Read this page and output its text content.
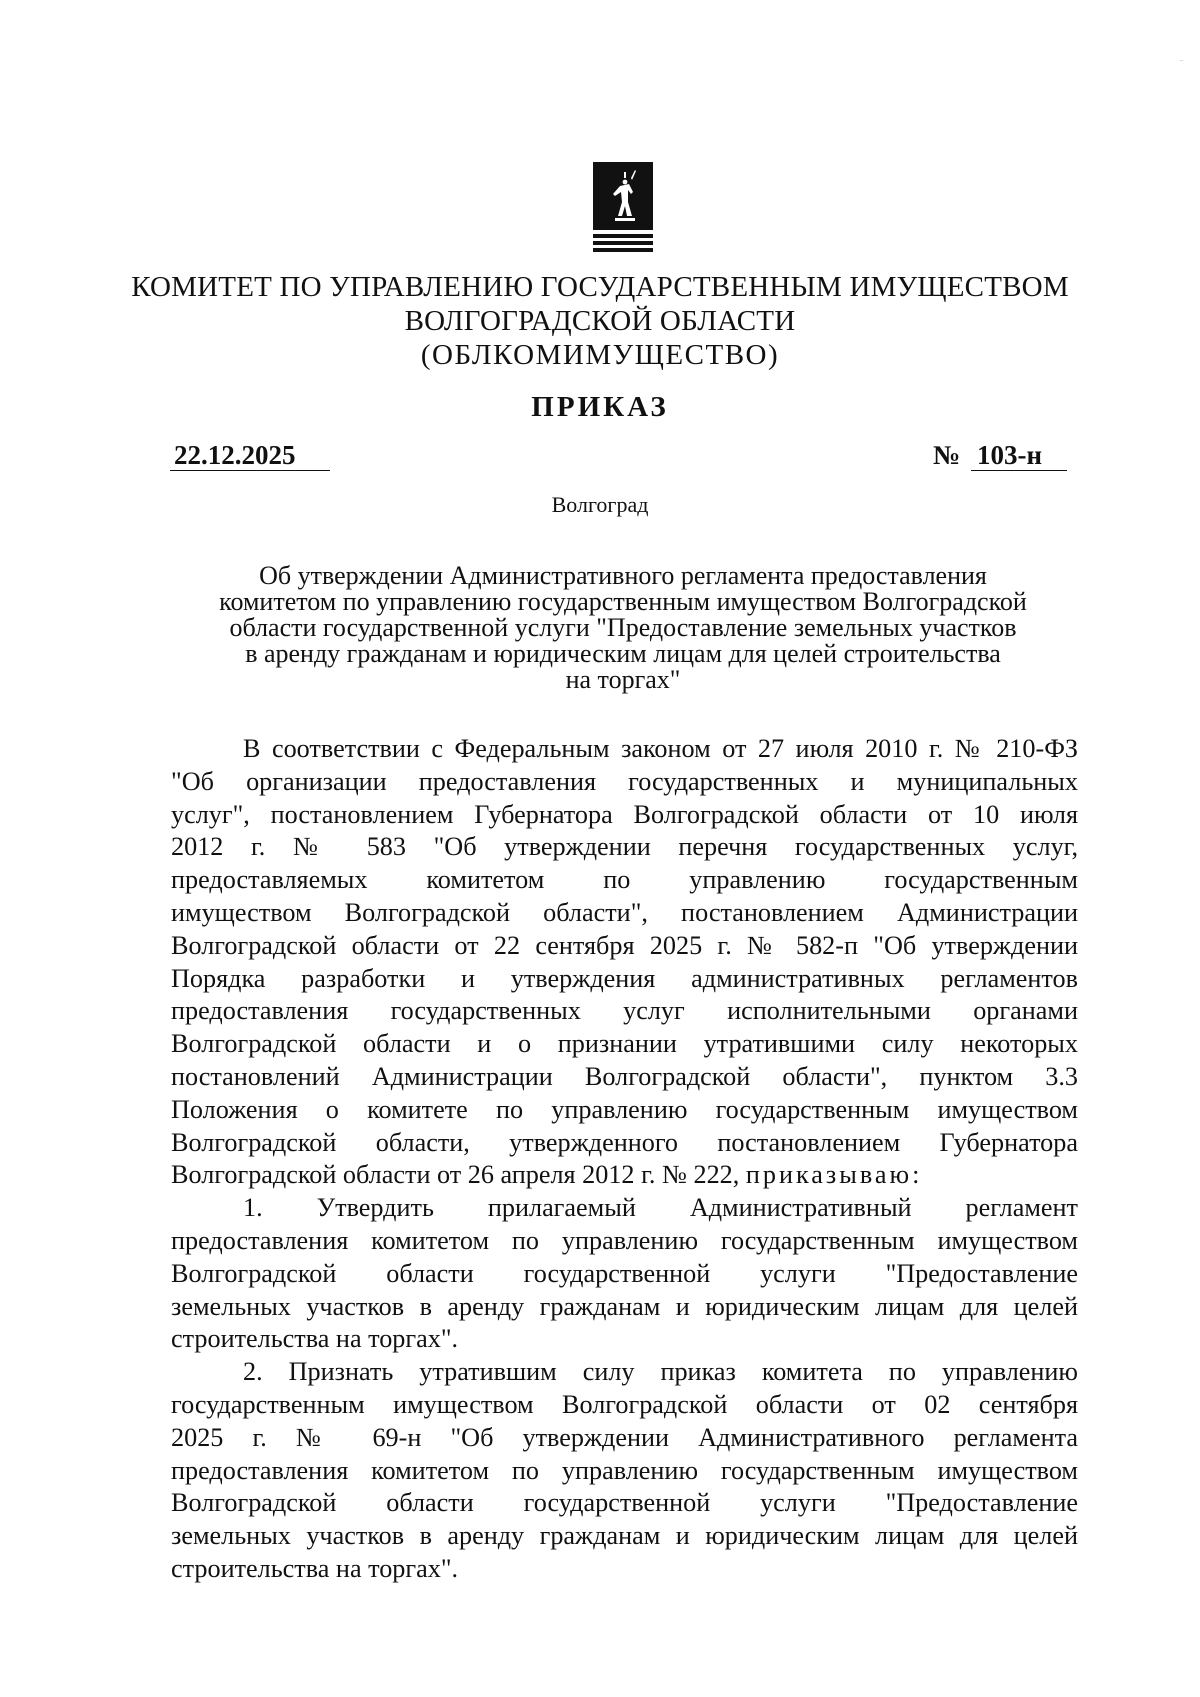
КОМИТЕТ ПО УПРАВЛЕНИЮ ГОСУДАРСТВЕННЫМ ИМУЩЕСТВОМ
ВОЛГОГРАДСКОЙ ОБЛАСТИ
(ОБЛКОМИМУЩЕСТВО)
ПРИКАЗ
22.12.2025	№ 103-н
Волгоград
Об утверждении Административного регламента предоставления
комитетом по управлению государственным имуществом Волгоградской
области государственной услуги "Предоставление земельных участков
в аренду гражданам и юридическим лицам для целей строительства
на торгах"

В соответствии с Федеральным законом от 27 июля 2010 г. № 210-ФЗ

"Об организации предоставления государственных и муниципальных

услуг", постановлением Губернатора Волгоградской области от 10 июля

2012 г. № 583 "Об утверждении перечня государственных услуг,

предоставляемых комитетом по управлению государственным

имуществом Волгоградской области", постановлением Администрации

Волгоградской области от 22 сентября 2025 г. № 582-п "Об утверждении

Порядка разработки и утверждения административных регламентов

предоставления государственных услуг исполнительными органами

Волгоградской области и о признании утратившими силу некоторых

постановлений Администрации Волгоградской области", пунктом 3.3

Положения о комитете по управлению государственным имуществом

Волгоградской области, утвержденного постановлением Губернатора

Волгоградской области от 26 апреля 2012 г. № 222, приказываю:

1. Утвердить прилагаемый Административный регламент

предоставления комитетом по управлению государственным имуществом

Волгоградской области государственной услуги "Предоставление

земельных участков в аренду гражданам и юридическим лицам для целей

строительства на торгах".

2. Признать утратившим силу приказ комитета по управлению

государственным имуществом Волгоградской области от 02 сентября

2025 г. № 69-н "Об утверждении Административного регламента

предоставления комитетом по управлению государственным имуществом

Волгоградской области государственной услуги "Предоставление

земельных участков в аренду гражданам и юридическим лицам для целей

строительства на торгах".
